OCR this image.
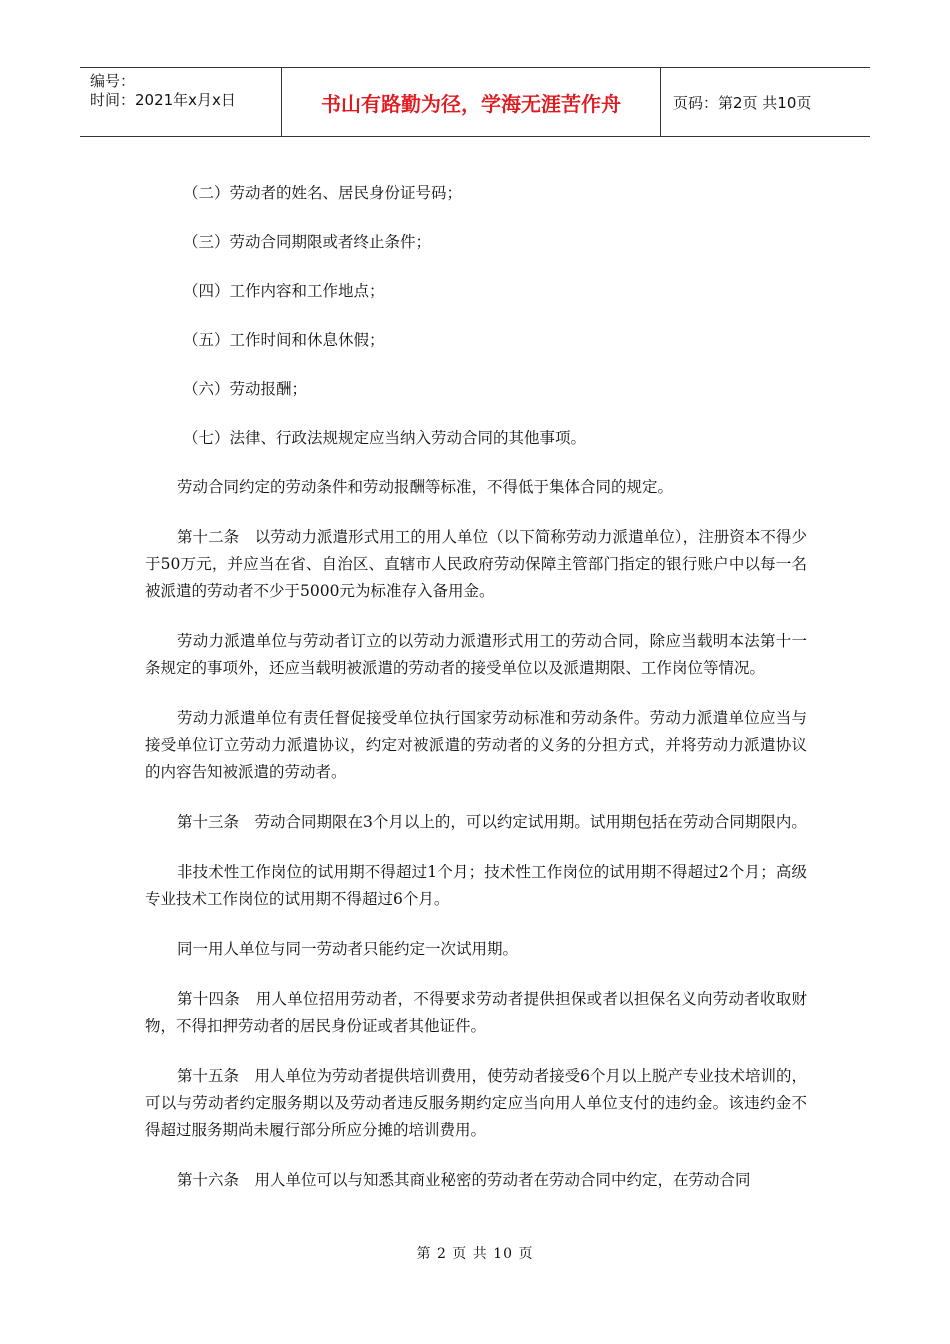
编号：
时间：2021年x月x日	书山有路勤为径，学海无涯苦作舟	页码：第2页 共10页

（二）劳动者的姓名、居民身份证号码；

（三）劳动合同期限或者终止条件；

（四）工作内容和工作地点；

（五）工作时间和休息休假；

（六）劳动报酬；

（七）法律、行政法规规定应当纳入劳动合同的其他事项。

劳动合同约定的劳动条件和劳动报酬等标准，不得低于集体合同的规定。

第十二条　以劳动力派遣形式用工的用人单位（以下简称劳动力派遣单位），注册资本不得少于50万元，并应当在省、自治区、直辖市人民政府劳动保障主管部门指定的银行账户中以每一名被派遣的劳动者不少于5000元为标准存入备用金。

劳动力派遣单位与劳动者订立的以劳动力派遣形式用工的劳动合同，除应当载明本法第十一条规定的事项外，还应当载明被派遣的劳动者的接受单位以及派遣期限、工作岗位等情况。

劳动力派遣单位有责任督促接受单位执行国家劳动标准和劳动条件。劳动力派遣单位应当与接受单位订立劳动力派遣协议，约定对被派遣的劳动者的义务的分担方式，并将劳动力派遣协议的内容告知被派遣的劳动者。

第十三条　劳动合同期限在3个月以上的，可以约定试用期。试用期包括在劳动合同期限内。

非技术性工作岗位的试用期不得超过1个月；技术性工作岗位的试用期不得超过2个月；高级专业技术工作岗位的试用期不得超过6个月。

同一用人单位与同一劳动者只能约定一次试用期。

第十四条　用人单位招用劳动者，不得要求劳动者提供担保或者以担保名义向劳动者收取财物，不得扣押劳动者的居民身份证或者其他证件。

第十五条　用人单位为劳动者提供培训费用，使劳动者接受6个月以上脱产专业技术培训的，可以与劳动者约定服务期以及劳动者违反服务期约定应当向用人单位支付的违约金。该违约金不得超过服务期尚未履行部分所应分摊的培训费用。

第十六条　用人单位可以与知悉其商业秘密的劳动者在劳动合同中约定，在劳动合同

第 2 页 共 10 页
